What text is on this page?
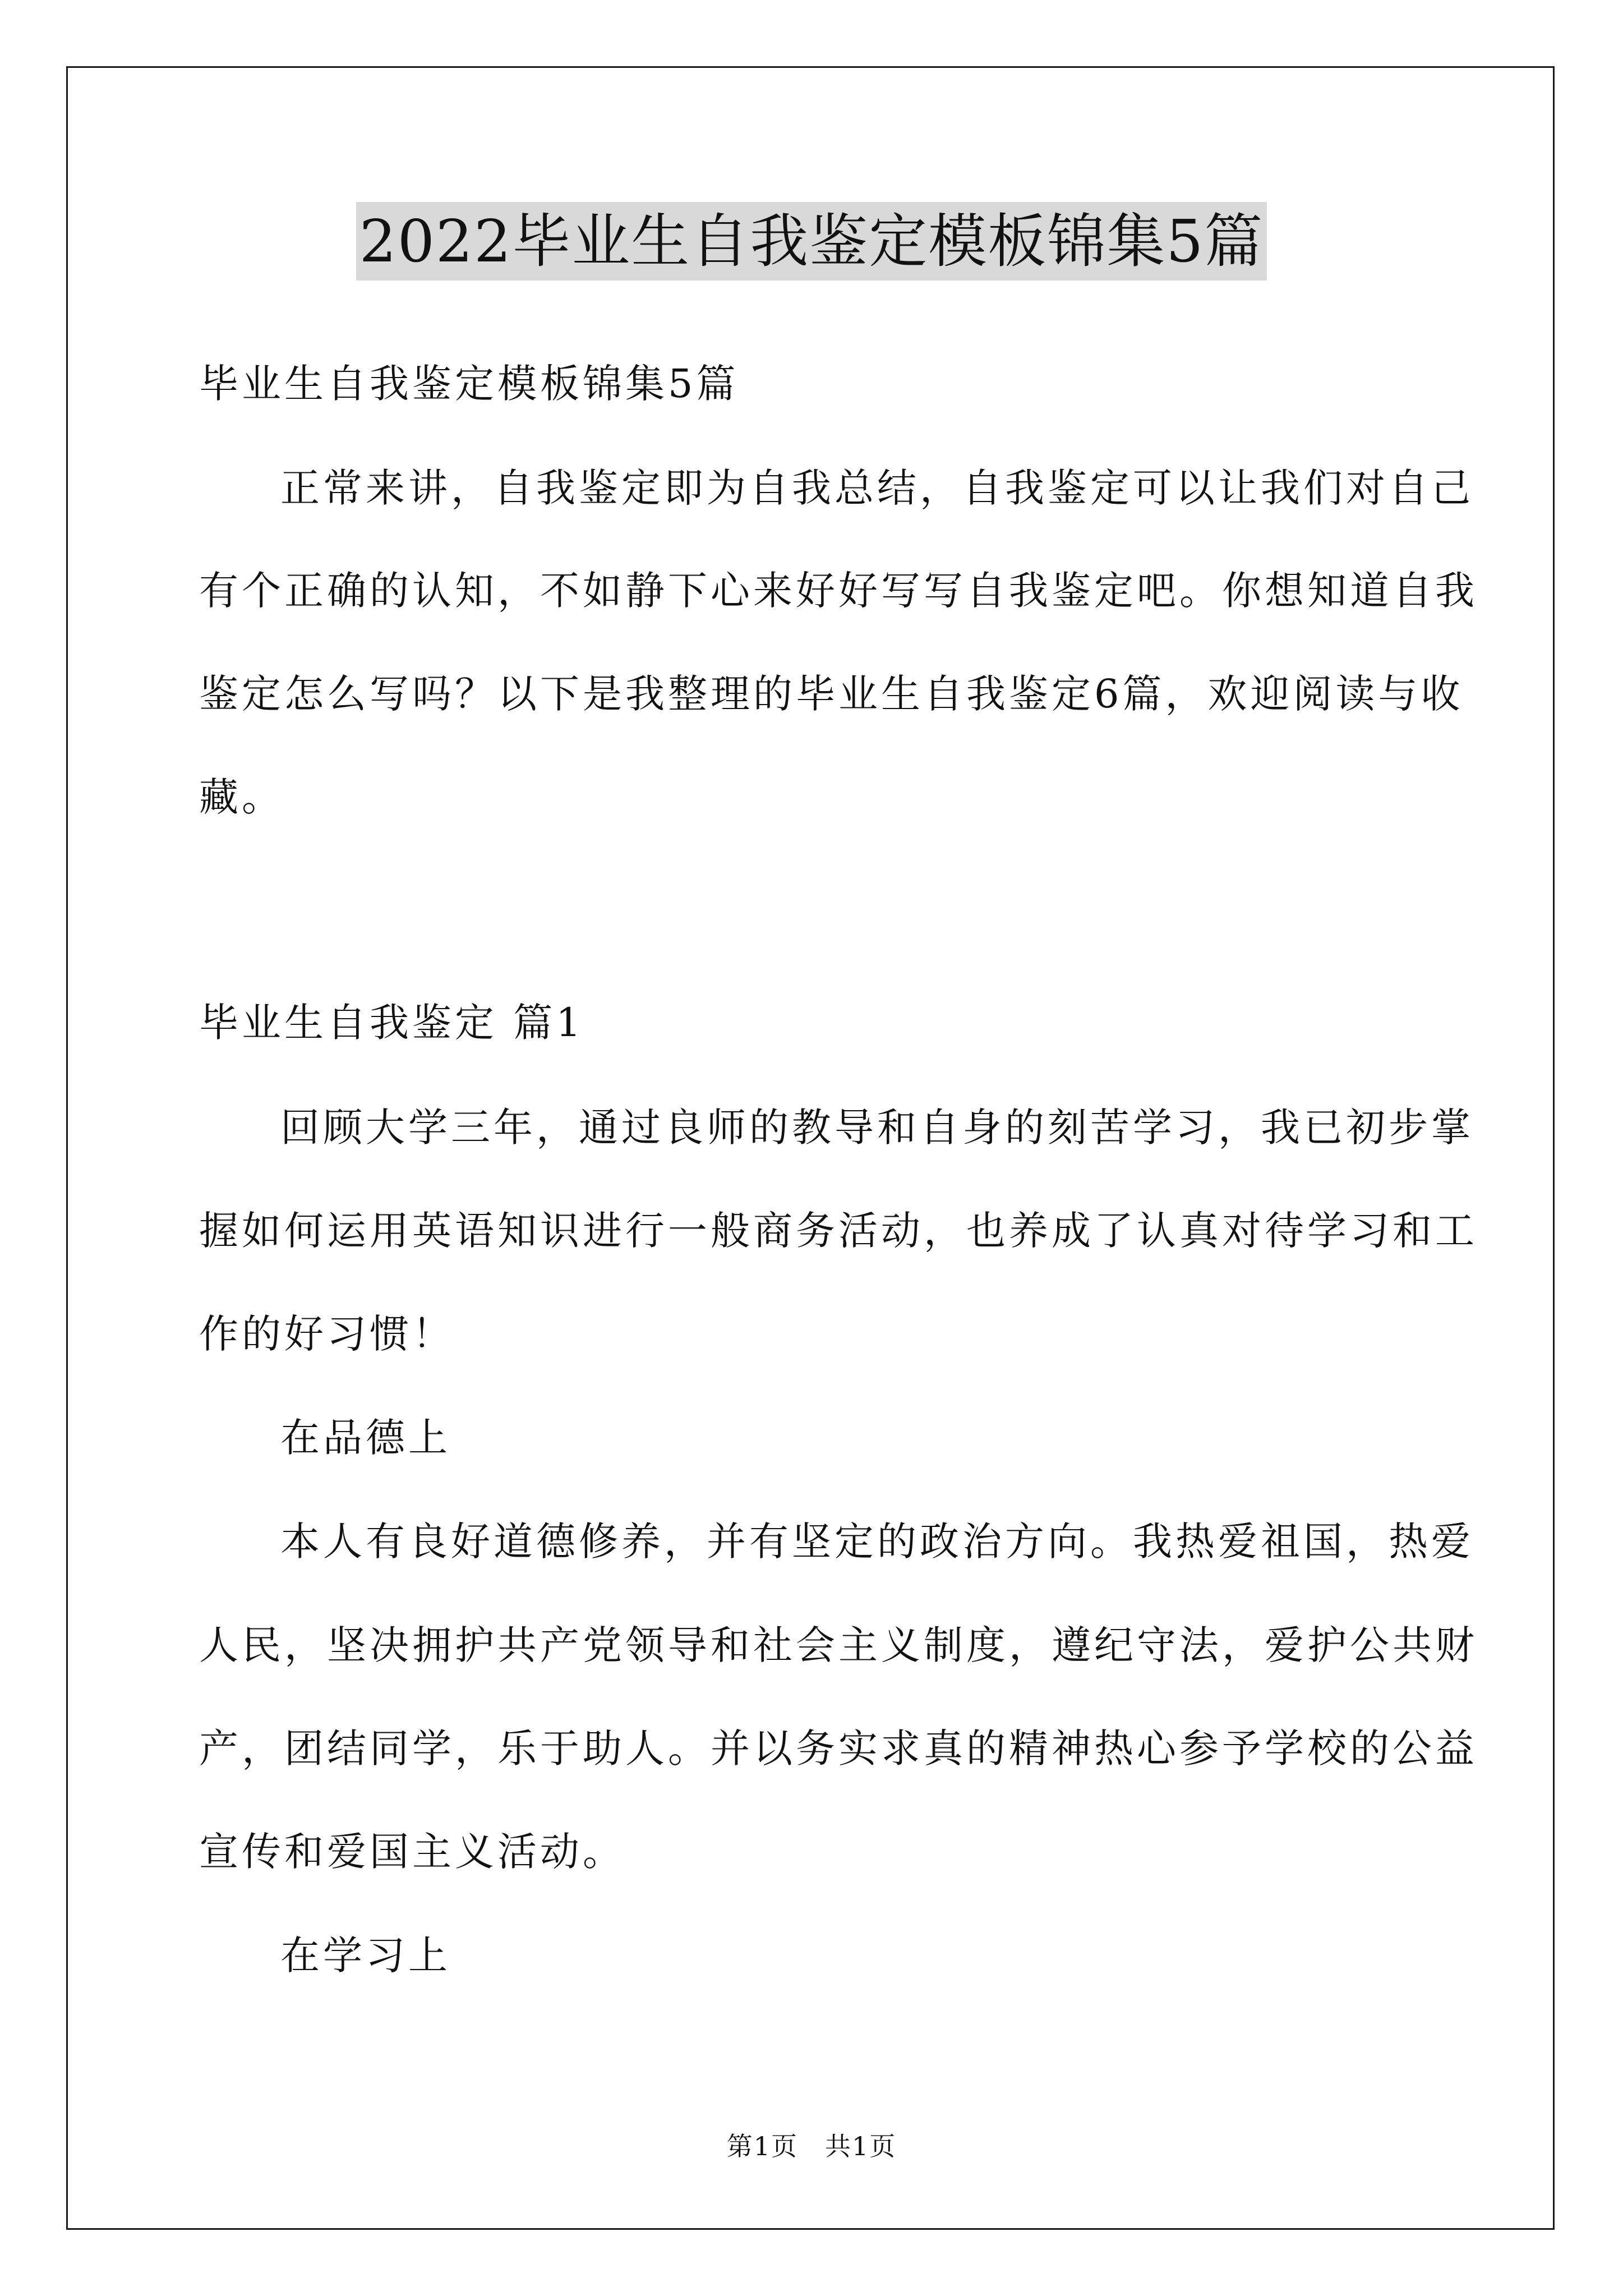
2022毕业生自我鉴定模板锦集5篇
毕业生自我鉴定模板锦集5篇
正常来讲，自我鉴定即为自我总结，自我鉴定可以让我们对自己
有个正确的认知，不如静下心来好好写写自我鉴定吧。你想知道自我
鉴定怎么写吗？以下是我整理的毕业生自我鉴定6篇，欢迎阅读与收
藏。
毕业生自我鉴定 篇1
回顾大学三年，通过良师的教导和自身的刻苦学习，我已初步掌
握如何运用英语知识进行一般商务活动，也养成了认真对待学习和工
作的好习惯！
在品德上
本人有良好道德修养，并有坚定的政治方向。我热爱祖国，热爱
人民，坚决拥护共产党领导和社会主义制度，遵纪守法，爱护公共财
产，团结同学，乐于助人。并以务实求真的精神热心参予学校的公益
宣传和爱国主义活动。
在学习上
第1页　共1页
